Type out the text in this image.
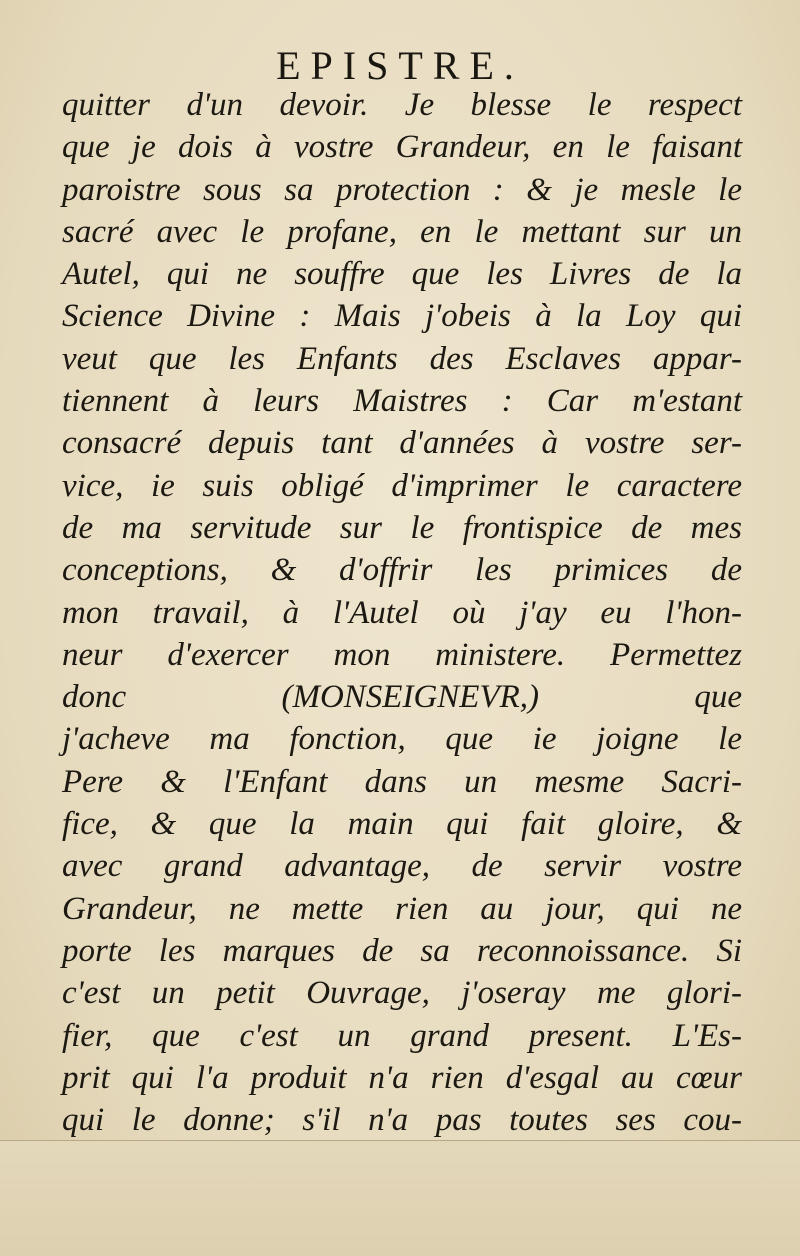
EPISTRE.
quitter d'un devoir. Je blesse le respect
que je dois à vostre Grandeur, en le faisant
paroistre sous sa protection : & je mesle le
sacré avec le profane, en le mettant sur un
Autel, qui ne souffre que les Livres de la
Science Divine : Mais j'obeis à la Loy qui
veut que les Enfants des Esclaves appar-
tiennent à leurs Maistres : Car m'estant
consacré depuis tant d'années à vostre ser-
vice, ie suis obligé d'imprimer le caractere
de ma servitude sur le frontispice de mes
conceptions, & d'offrir les primices de
mon travail, à l'Autel où j'ay eu l'hon-
neur d'exercer mon ministere. Permettez
donc (MONSEIGNEVR,) que
j'acheve ma fonction, que ie joigne le
Pere & l'Enfant dans un mesme Sacri-
fice, & que la main qui fait gloire, &
avec grand advantage, de servir vostre
Grandeur, ne mette rien au jour, qui ne
porte les marques de sa reconnoissance. Si
c'est un petit Ouvrage, j'oseray me glori-
fier, que c'est un grand present. L'Es-
prit qui l'a produit n'a rien d'esgal au cœur
qui le donne; s'il n'a pas toutes ses cou-
